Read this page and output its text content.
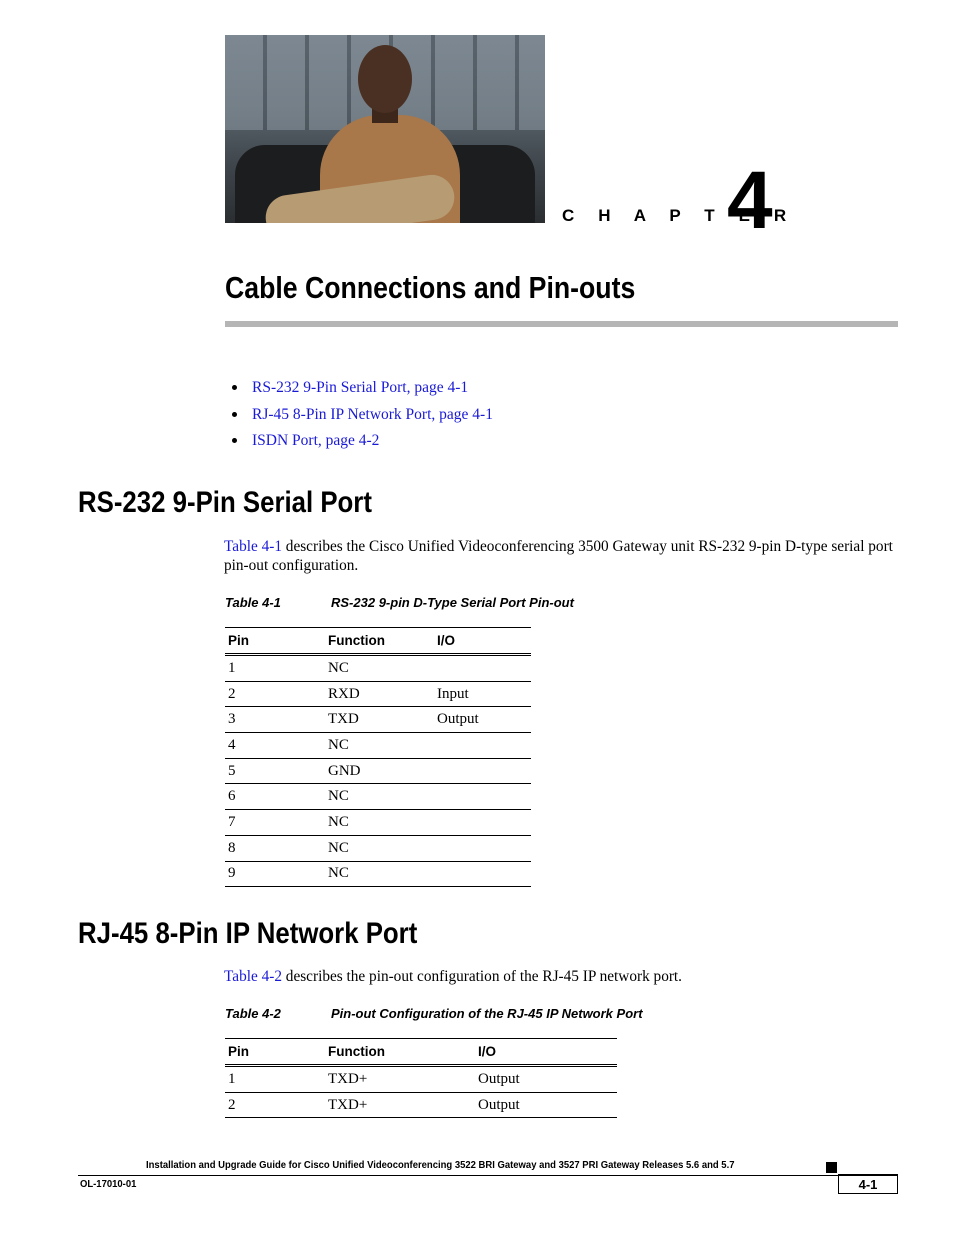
C H A P T E R
4
Cable Connections and Pin-outs
RS-232 9-Pin Serial Port, page 4-1
RJ-45 8-Pin IP Network Port, page 4-1
ISDN Port, page 4-2
RS-232 9-Pin Serial Port
Table 4-1 describes the Cisco Unified Videoconferencing 3500 Gateway unit RS-232 9-pin D-type serial port pin-out configuration.
Table 4-1	RS-232 9-pin D-Type Serial Port Pin-out
Pin	Function	I/O
1	NC	
2	RXD	Input
3	TXD	Output
4	NC	
5	GND	
6	NC	
7	NC	
8	NC	
9	NC	
RJ-45 8-Pin IP Network Port
Table 4-2 describes the pin-out configuration of the RJ-45 IP network port.
Table 4-2	Pin-out Configuration of the RJ-45 IP Network Port
Pin	Function	I/O
1	TXD+	Output
2	TXD+	Output
Installation and Upgrade Guide for Cisco Unified Videoconferencing 3522 BRI Gateway and 3527 PRI Gateway Releases 5.6 and 5.7
OL-17010-01	4-1
